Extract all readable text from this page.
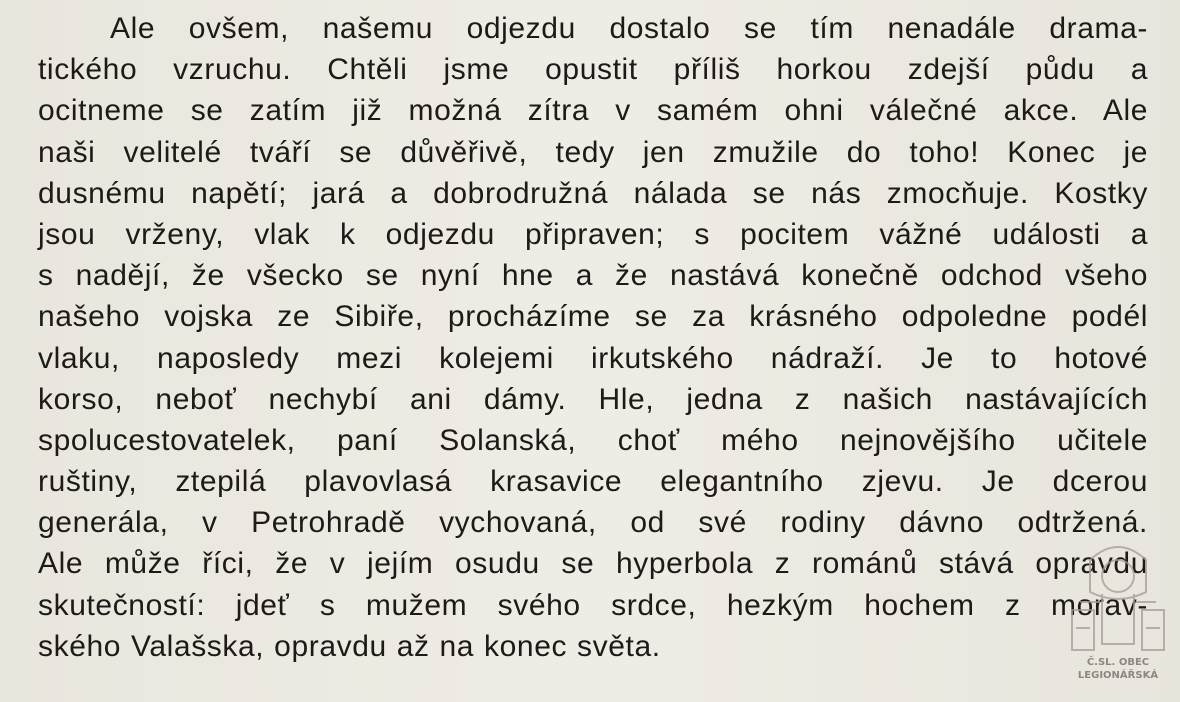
Ale ovšem, našemu odjezdu dostalo se tím nenadále drama-
tického vzruchu. Chtěli jsme opustit příliš horkou zdejší půdu a
ocitneme se zatím již možná zítra v samém ohni válečné akce. Ale
naši velitelé tváří se důvěřivě, tedy jen zmužile do toho! Konec je
dusnému napětí; jará a dobrodružná nálada se nás zmocňuje. Kostky
jsou vrženy, vlak k odjezdu připraven; s pocitem vážné události a
s nadějí, že všecko se nyní hne a že nastává konečně odchod všeho
našeho vojska ze Sibiře, procházíme se za krásného odpoledne podél
vlaku, naposledy mezi kolejemi irkutského nádraží. Je to hotové
korso, neboť nechybí ani dámy. Hle, jedna z našich nastávajících
spolucestovatelek, paní Solanská, choť mého nejnovějšího učitele
ruštiny, ztepilá plavovlasá krasavice elegantního zjevu. Je dcerou
generála, v Petrohradě vychovaná, od své rodiny dávno odtržená.
Ale může říci, že v jejím osudu se hyperbola z románů stává opravdu
skutečností: jdeť s mužem svého srdce, hezkým hochem z morav-
ského Valašska, opravdu až na konec světa.	Č.SL. OBEC
LEGIONÁŘSKÁ
